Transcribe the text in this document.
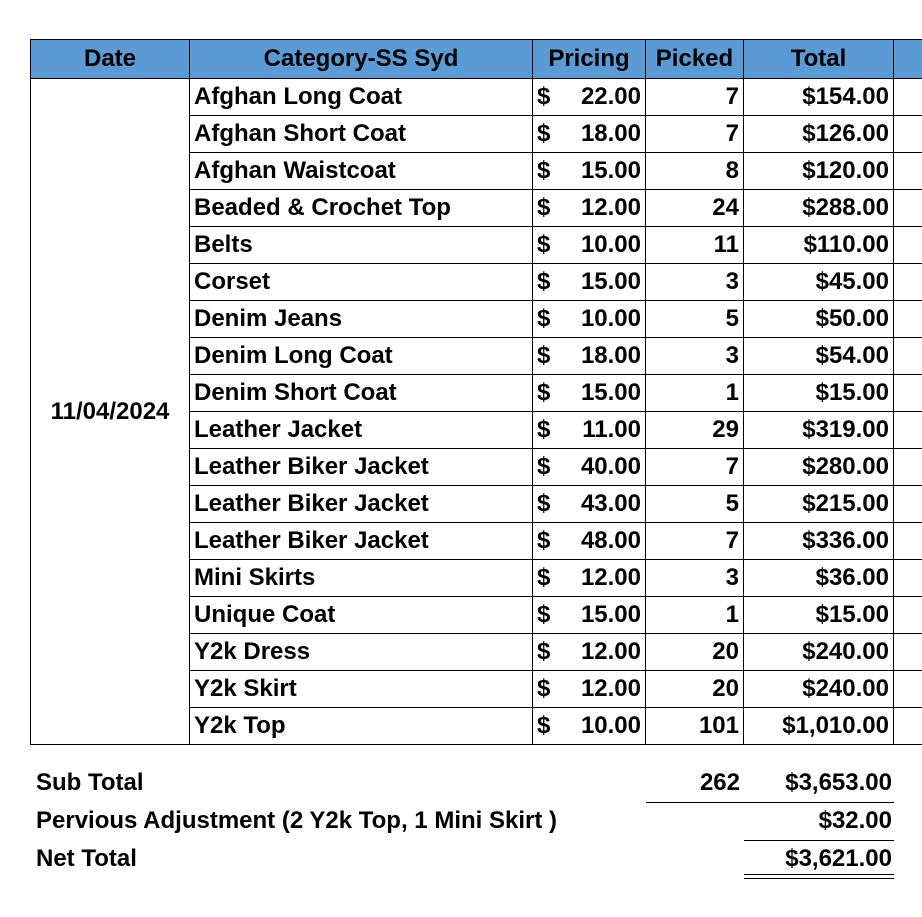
Date	Category-SS Syd	Pricing	Picked	Total	
11/04/2024	Afghan Long Coat	$ 22.00	7	$154.00	
	Afghan Short Coat	$ 18.00	7	$126.00	
	Afghan Waistcoat	$ 15.00	8	$120.00	
	Beaded & Crochet Top	$ 12.00	24	$288.00	
	Belts	$ 10.00	11	$110.00	
	Corset	$ 15.00	3	$45.00	
	Denim Jeans	$ 10.00	5	$50.00	
	Denim Long Coat	$ 18.00	3	$54.00	
	Denim Short Coat	$ 15.00	1	$15.00	
	Leather Jacket	$ 11.00	29	$319.00	
	Leather Biker Jacket	$ 40.00	7	$280.00	
	Leather Biker Jacket	$ 43.00	5	$215.00	
	Leather Biker Jacket	$ 48.00	7	$336.00	
	Mini Skirts	$ 12.00	3	$36.00	
	Unique Coat	$ 15.00	1	$15.00	
	Y2k Dress	$ 12.00	20	$240.00	
	Y2k Skirt	$ 12.00	20	$240.00	
	Y2k Top	$ 10.00	101	$1,010.00	
Sub Total	262 $3,653.00
Pervious Adjustment (2 Y2k Top, 1 Mini Skirt )	$32.00
Net Total	$3,621.00
